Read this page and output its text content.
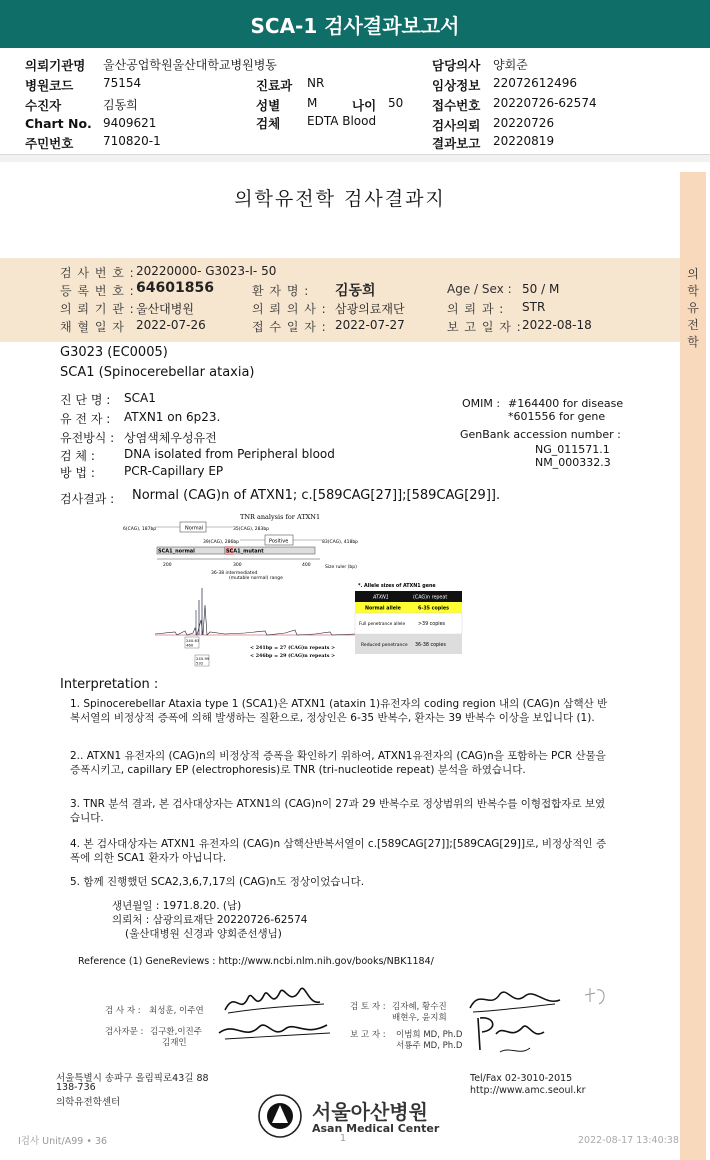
SCA-1 검사결과보고서
의뢰기관명 울산공업학원울산대학교병원병동
병원코드 75154
수진자	김동희
Chart No. 9409621
주민번호 710820-1
진료과 NR
성별 M	나이 50
검체 EDTA Blood
담당의사 양회준
임상정보 22072612496
접수번호 20220726-62574
검사의뢰 20220726
결과보고 20220819
의학유전학 검사결과지
검 사 번 호 : 20220000- G3023-I- 50
등 록 번 호 : 64601856	환 자 명 : 김동희	Age / Sex : 50 / M
의 뢰 기 관 : 울산대병원	의 뢰 의 사 : 삼광의료재단	의 뢰 과 : STR
채 혈 일 자 2022-07-26	접 수 일 자 : 2022-07-27	보 고 일 자 : 2022-08-18
의
학
유
전
학
G3023 (EC0005)
SCA1 (Spinocerebellar ataxia)
진 단 명 : SCA1
유 전 자 : ATXN1 on 6p23.
유전방식 : 상염색체우성유전
검 체 : DNA isolated from Peripheral blood
방 법 : PCR-Capillary EP
OMIM : #164400 for disease
*601556 for gene
GenBank accession number :
NG_011571.1
NM_000332.3
검사결과 : Normal (CAG)n of ATXN1; c.[589CAG[27]];[589CAG[29]].
TNR analysis for ATXN1
Normal
6(CAG), 187bp	35(CAG), 283bp
Positive
39(CAG), 286bp	83(CAG), 418bp
SCA1_normal	SCA1_mutant
200	300	400	Size ruler (bp)
36-38 intermediated
(mutable normal) range
240.63
460
245.99
532
< 241bp = 27 (CAG)n repeats >
< 246bp = 29 (CAG)n repeats >
*. Allele sizes of ATXN1 gene
ATXN1	(CAG)n repeat
Normal allele	6-35 copies
Full penetrance allele	>39 copies
Reduced penetrance 36-38 copies
Interpretation :
1. Spinocerebellar Ataxia type 1 (SCA1)은 ATXN1 (ataxin 1)유전자의 coding region 내의 (CAG)n 삼핵산 반복서열의 비정상적 증폭에 의해 발생하는 질환으로, 정상인은 6-35 반복수, 환자는 39 반복수 이상을 보입니다 (1).
2.. ATXN1 유전자의 (CAG)n의 비정상적 증폭을 확인하기 위하여, ATXN1유전자의 (CAG)n을 포함하는 PCR 산물을 증폭시키고, capillary EP (electrophoresis)로 TNR (tri-nucleotide repeat) 분석을 하였습니다.
3. TNR 분석 결과, 본 검사대상자는 ATXN1의 (CAG)n이 27과 29 반복수로 정상범위의 반복수를 이형접합자로 보였습니다.
4. 본 검사대상자는 ATXN1 유전자의 (CAG)n 삼핵산반복서열이 c.[589CAG[27]];[589CAG[29]]로, 비정상적인 증폭에 의한 SCA1 환자가 아닙니다.
5. 함께 진행했던 SCA2,3,6,7,17의 (CAG)n도 정상이었습니다.
생년월일 : 1971.8.20. (남)
의뢰처 : 삼광의료재단 20220726-62574
(울산대병원 신경과 양회준선생님)
Reference (1) GeneReviews : http://www.ncbi.nlm.nih.gov/books/NBK1184/
검 사 자 : 최성훈, 이주연	검 토 자 : 김자혜, 황수진
배현우, 윤지희
검사자문 : 김구환,이진주
김재인
보 고 자 : 이범희 MD, Ph.D
서룡주 MD, Ph.D
서울특별시 송파구 올림픽로43길 88
138-736
의학유전학센터
Tel/Fax 02-3010-2015
http://www.amc.seoul.kr
아산재단
서울아산병원
Asan Medical Center
I검사 Unit/A99 • 36	1	2022-08-17 13:40:38
